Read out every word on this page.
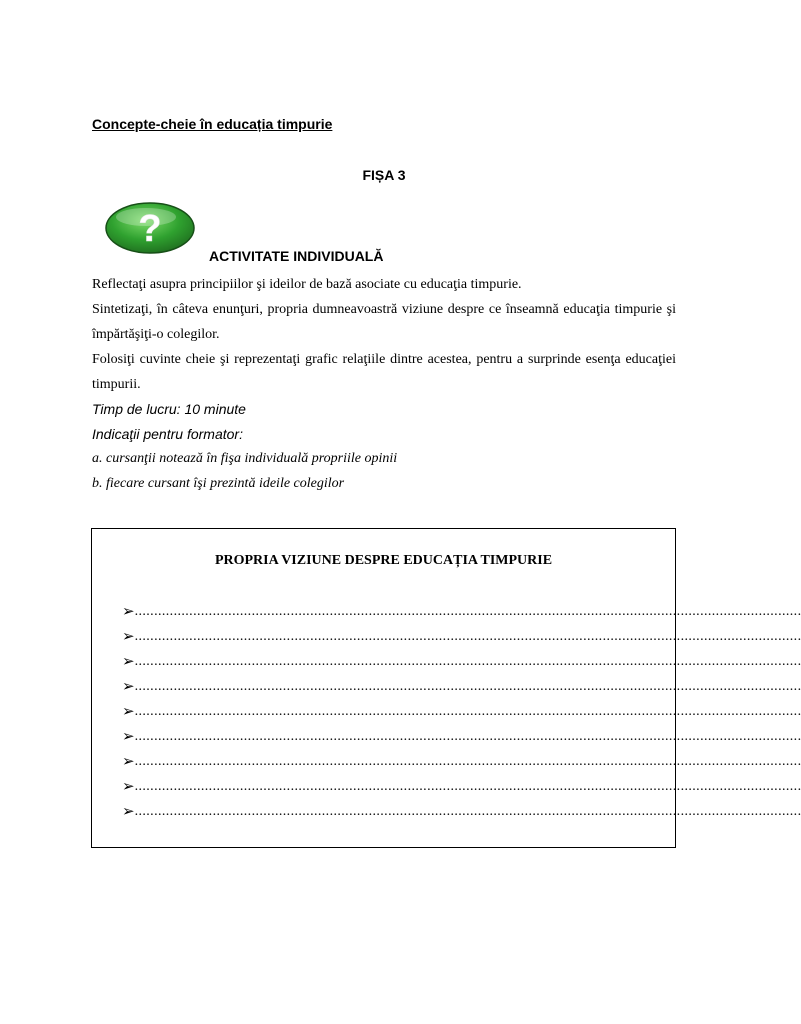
Concepte-cheie în educația timpurie
FIȘA 3
?
ACTIVITATE INDIVIDUALĂ
Reflectaţi asupra principiilor şi ideilor de bază asociate cu educaţia timpurie.
Sintetizaţi, în câteva enunţuri, propria dumneavoastră viziune despre ce înseamnă educaţia timpurie şi împărtăşiţi-o colegilor.
Folosiţi cuvinte cheie şi reprezentaţi grafic relaţiile dintre acestea, pentru a surprinde esenţa educaţiei timpurii.
Timp de lucru: 10 minute
Indicaţii pentru formator:
a. cursanţii notează în fişa individuală propriile opinii
b. fiecare cursant îşi prezintă ideile colegilor
PROPRIA VIZIUNE DESPRE EDUCAȚIA TIMPURIE
➢ ...........................................................................................................................................................................
➢ ...........................................................................................................................................................................
➢ ...........................................................................................................................................................................
➢ ...........................................................................................................................................................................
➢ ...........................................................................................................................................................................
➢ ...........................................................................................................................................................................
➢ ...........................................................................................................................................................................
➢ ...........................................................................................................................................................................
➢ ...........................................................................................................................................................................
